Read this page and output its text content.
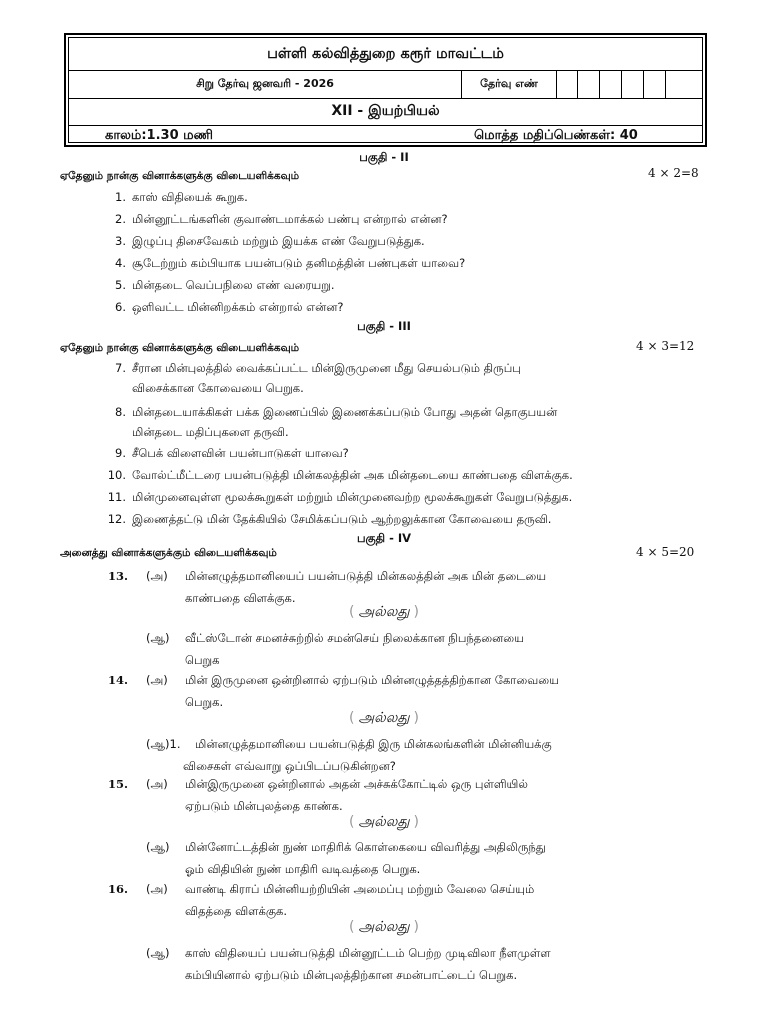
பள்ளி கல்வித்துறை கரூர் மாவட்டம்
சிறு தேர்வு ஜனவரி - 2026	தேர்வு எண்
XII - இயற்பியல்
காலம்:1.30 மணி	மொத்த மதிப்பெண்கள்: 40
பகுதி - II
ஏதேனும் நான்கு வினாக்களுக்கு விடையளிக்கவும்	4 × 2=8
1. காஸ் விதியைக் கூறுக.
2. மின்னூட்டங்களின் குவாண்டமாக்கல் பண்பு என்றால் என்ன?
3. இழுப்பு திசைவேகம் மற்றும் இயக்க எண் வேறுபடுத்துக.
4. சூடேற்றும் கம்பியாக பயன்படும் தனிமத்தின் பண்புகள் யாவை?
5. மின்தடை வெப்பநிலை எண் வரையறு.
6. ஒளிவட்ட மின்னிறக்கம் என்றால் என்ன?
பகுதி - III
ஏதேனும் நான்கு வினாக்களுக்கு விடையளிக்கவும்	4 × 3=12
7. சீரான மின்புலத்தில் வைக்கப்பட்ட மின்இருமுனை மீது செயல்படும் திருப்பு
விசைக்கான கோவையை பெறுக.
8. மின்தடையாக்கிகள் பக்க இணைப்பில் இணைக்கப்படும் போது அதன் தொகுபயன்
மின்தடை மதிப்புகளை தருவி.
9. சீபெக் விளைவின் பயன்பாடுகள் யாவை?
10. வோல்ட்மீட்டரை பயன்படுத்தி மின்கலத்தின் அக மின்தடையை காண்பதை விளக்குக.
11. மின்முனைவுள்ள மூலக்கூறுகள் மற்றும் மின்முனைவற்ற மூலக்கூறுகள் வேறுபடுத்துக.
12. இணைத்தட்டு மின் தேக்கியில் சேமிக்கப்படும் ஆற்றலுக்கான கோவையை தருவி.
பகுதி - IV
அனைத்து வினாக்களுக்கும் விடையளிக்கவும்	4 × 5=20
13. (அ) மின்னழுத்தமானியைப் பயன்படுத்தி மின்கலத்தின் அக மின் தடையை
காண்பதை விளக்குக.
( அல்லது )
(ஆ) வீட்ஸ்டோன் சமனச்சுற்றில் சமன்செய் நிலைக்கான நிபந்தனையை
பெறுக
14. (அ) மின் இருமுனை ஒன்றினால் ஏற்படும் மின்னழுத்தத்திற்கான கோவையை
பெறுக.
( அல்லது )
(ஆ)1. மின்னழுத்தமானியை பயன்படுத்தி இரு மின்கலங்களின் மின்னியக்கு
விசைகள் எவ்வாறு ஒப்பிடப்படுகின்றன?
15. (அ) மின்இருமுனை ஒன்றினால் அதன் அச்சுக்கோட்டில் ஒரு புள்ளியில்
ஏற்படும் மின்புலத்தை காண்க.
( அல்லது )
(ஆ) மின்னோட்டத்தின் நுண் மாதிரிக் கொள்கையை விவரித்து அதிலிருந்து
ஓம் விதியின் நுண் மாதிரி வடிவத்தை பெறுக.
16. (அ) வாண்டி கிராப் மின்னியற்றியின் அமைப்பு மற்றும் வேலை செய்யும்
விதத்தை விளக்குக.
( அல்லது )
(ஆ) காஸ் விதியைப் பயன்படுத்தி மின்னூட்டம் பெற்ற முடிவிலா நீளமுள்ள
கம்பியினால் ஏற்படும் மின்புலத்திற்கான சமன்பாட்டைப் பெறுக.
